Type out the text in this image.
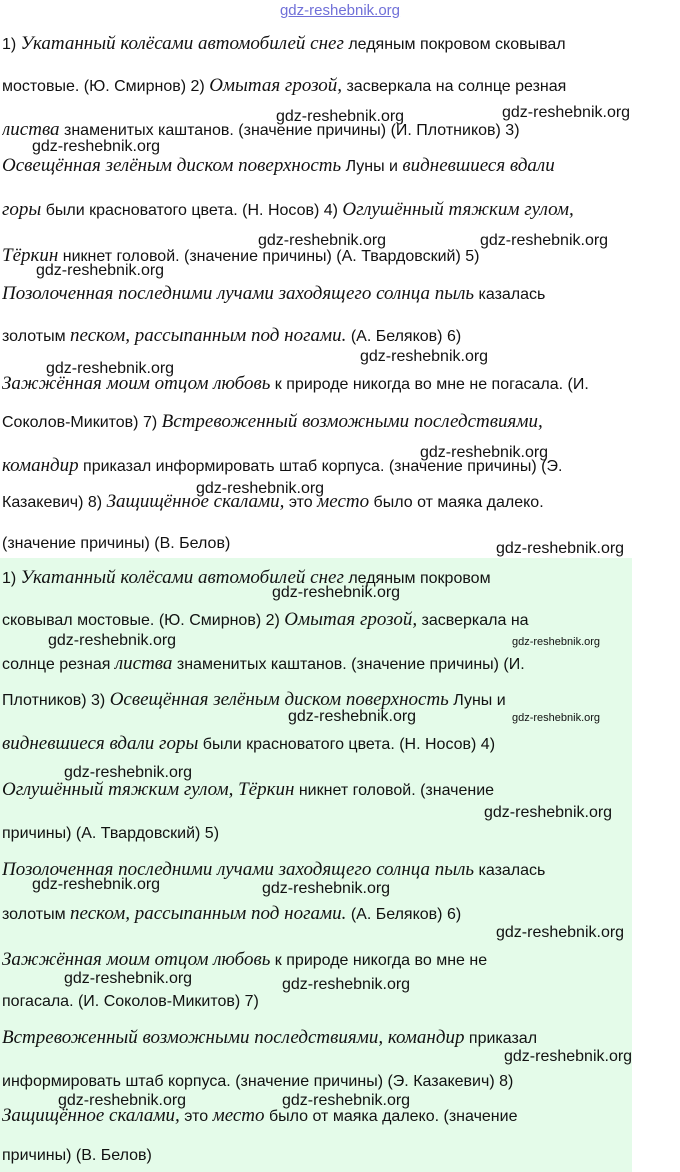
gdz-reshebnik.org
1) Укатанный колёсами автомобилей снег ледяным покровом сковывал
мостовые. (Ю. Смирнов) 2) Омытая грозой, засверкала на солнце резная
листва знаменитых каштанов. (значение причины) (И. Плотников) 3)
Освещённая зелёным диском поверхность Луны и видневшиеся вдали
горы были красноватого цвета. (Н. Носов) 4) Оглушённый тяжким гулом,
Тёркин никнет головой. (значение причины) (А. Твардовский) 5)
Позолоченная последними лучами заходящего солнца пыль казалась
золотым песком, рассыпанным под ногами. (А. Беляков) 6)
Зажжённая моим отцом любовь к природе никогда во мне не погасала. (И.
Соколов-Микитов) 7) Встревоженный возможными последствиями,
командир приказал информировать штаб корпуса. (значение причины) (Э.
Казакевич) 8) Защищённое скалами, это место было от маяка далеко.
(значение причины) (В. Белов)
1) Укатанный колёсами автомобилей снег ледяным покровом
сковывал мостовые. (Ю. Смирнов) 2) Омытая грозой, засверкала на
солнце резная листва знаменитых каштанов. (значение причины) (И.
Плотников) 3) Освещённая зелёным диском поверхность Луны и
видневшиеся вдали горы были красноватого цвета. (Н. Носов) 4)
Оглушённый тяжким гулом, Тёркин никнет головой. (значение
причины) (А. Твардовский) 5)
Позолоченная последними лучами заходящего солнца пыль казалась
золотым песком, рассыпанным под ногами. (А. Беляков) 6)
Зажжённая моим отцом любовь к природе никогда во мне не
погасала. (И. Соколов-Микитов) 7)
Встревоженный возможными последствиями, командир приказал
информировать штаб корпуса. (значение причины) (Э. Казакевич) 8)
Защищённое скалами, это место было от маяка далеко. (значение
причины) (В. Белов)
gdz-reshebnik.org	gdz-reshebnik.org
gdz-reshebnik.org
gdz-reshebnik.org	gdz-reshebnik.org
gdz-reshebnik.org
gdz-reshebnik.org
gdz-reshebnik.org
gdz-reshebnik.org
gdz-reshebnik.org
gdz-reshebnik.org
gdz-reshebnik.org
gdz-reshebnik.org	gdz-reshebnik.org
gdz-reshebnik.org	gdz-reshebnik.org
gdz-reshebnik.org
gdz-reshebnik.org
gdz-reshebnik.org	gdz-reshebnik.org
gdz-reshebnik.org
gdz-reshebnik.org	gdz-reshebnik.org
gdz-reshebnik.org
gdz-reshebnik.org	gdz-reshebnik.org
